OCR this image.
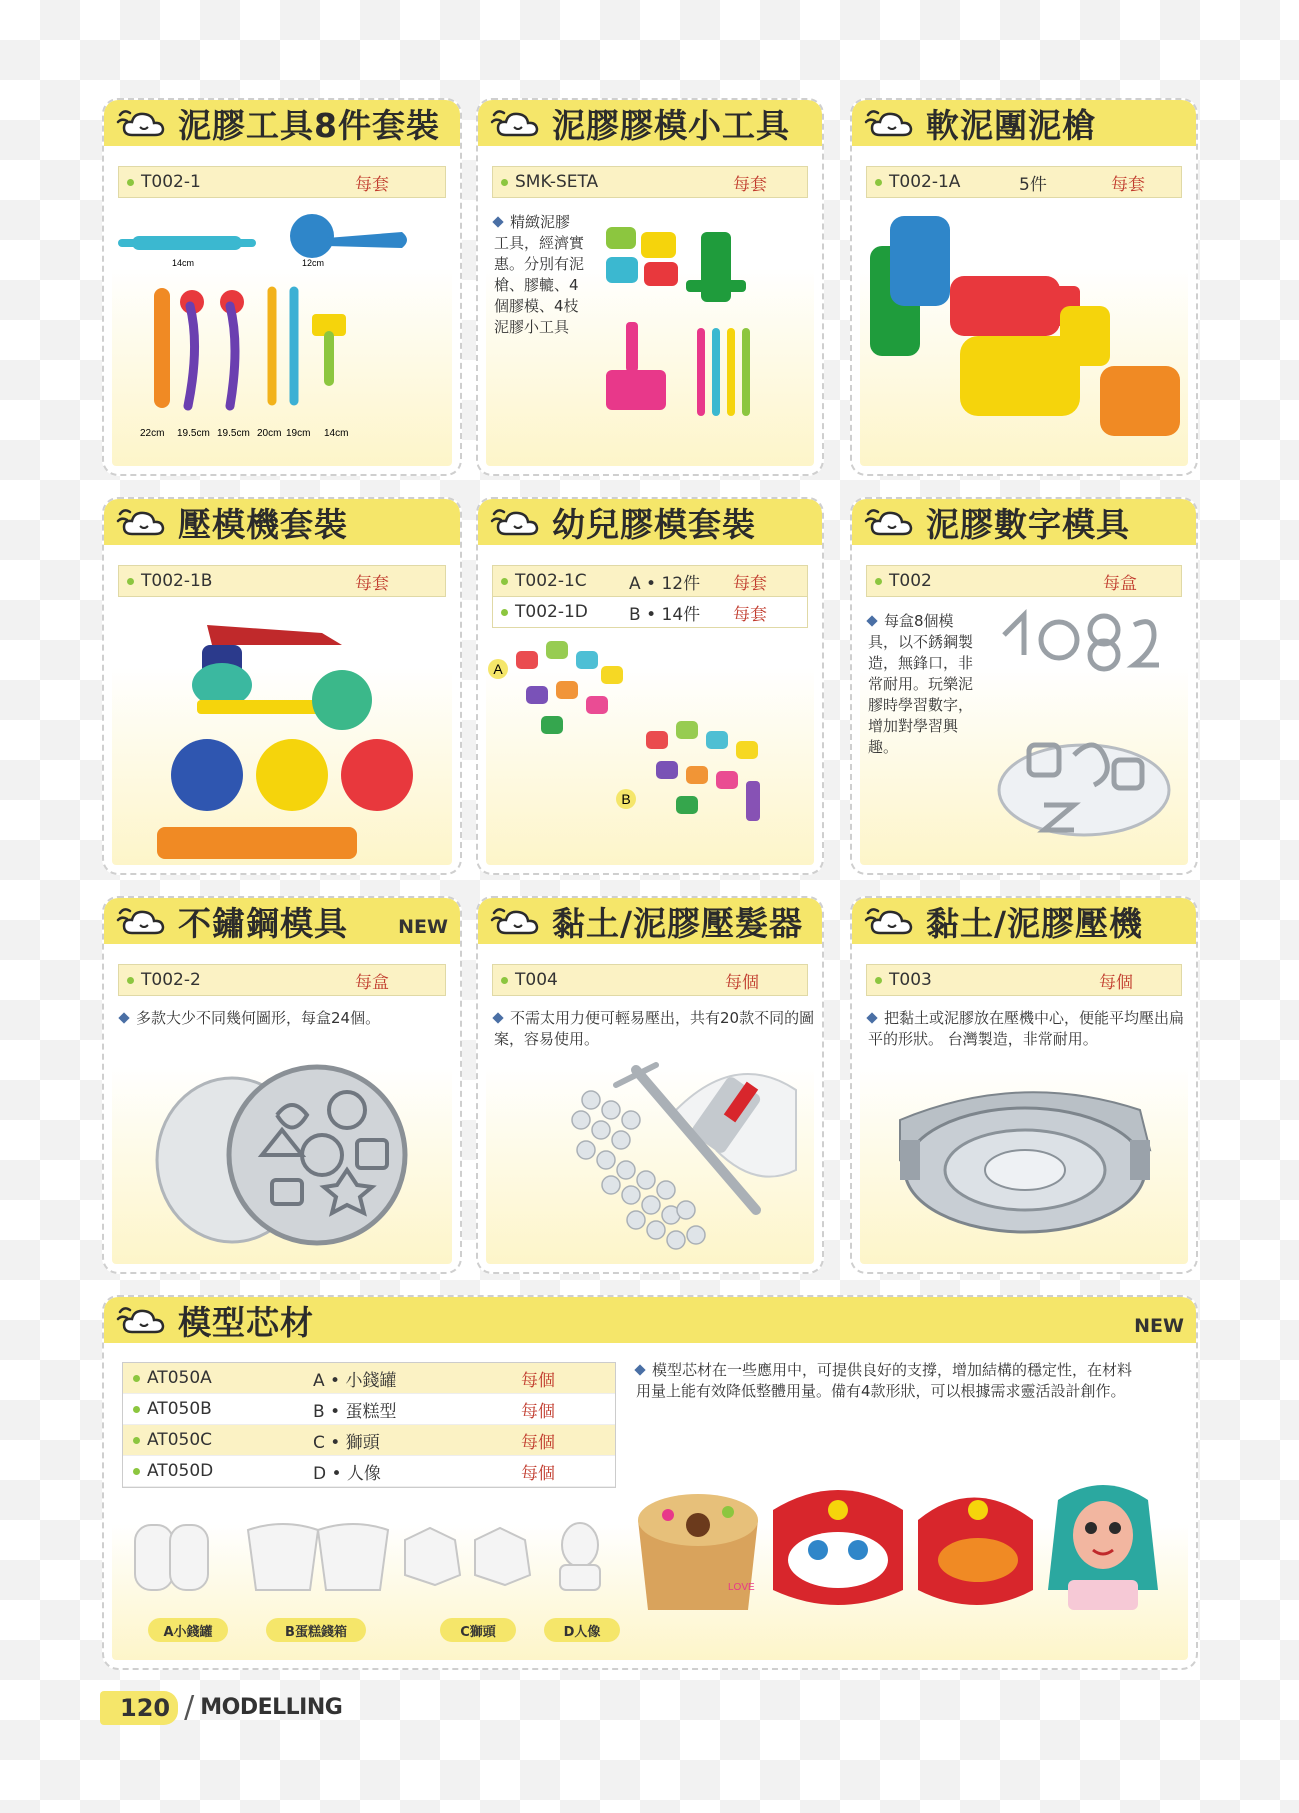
泥膠工具8件套裝
T002-1	每套
14cm	12cm
22cm 19.5cm 19.5cm 20cm 19cm 14cm
泥膠膠模小工具
SMK-SETA	每套
精緻泥膠工具，經濟實惠。分別有泥槍、膠轆、4個膠模、4枝泥膠小工具
軟泥團泥槍
T002-1A	5件	每套
壓模機套裝
T002-1B	每套
幼兒膠模套裝
T002-1C A • 12件 每套
T002-1D B • 14件 每套
A
B
泥膠數字模具
T002	每盒
每盒8個模具，以不銹鋼製造，無鋒口，非常耐用。玩樂泥膠時學習數字，增加對學習興趣。
不鏽鋼模具	NEW
T002-2	每盒
多款大少不同幾何圖形，每盒24個。
黏土/泥膠壓髮器
T004	每個
不需太用力便可輕易壓出，共有20款不同的圖案，容易使用。
黏土/泥膠壓機
T003	每個
把黏土或泥膠放在壓機中心，便能平均壓出扁平的形狀。 台灣製造，非常耐用。
模型芯材	NEW
AT050A	A • 小錢罐	每個
AT050B	B • 蛋糕型	每個
AT050C	C • 獅頭	每個
AT050D	D • 人像	每個
模型芯材在一些應用中，可提供良好的支撐，增加結構的穩定性，在材料用量上能有效降低整體用量。備有4款形狀，可以根據需求靈活設計創作。
A小錢罐	B蛋糕錢箱	C獅頭	D人像
LOVE
120 / MODELLING
